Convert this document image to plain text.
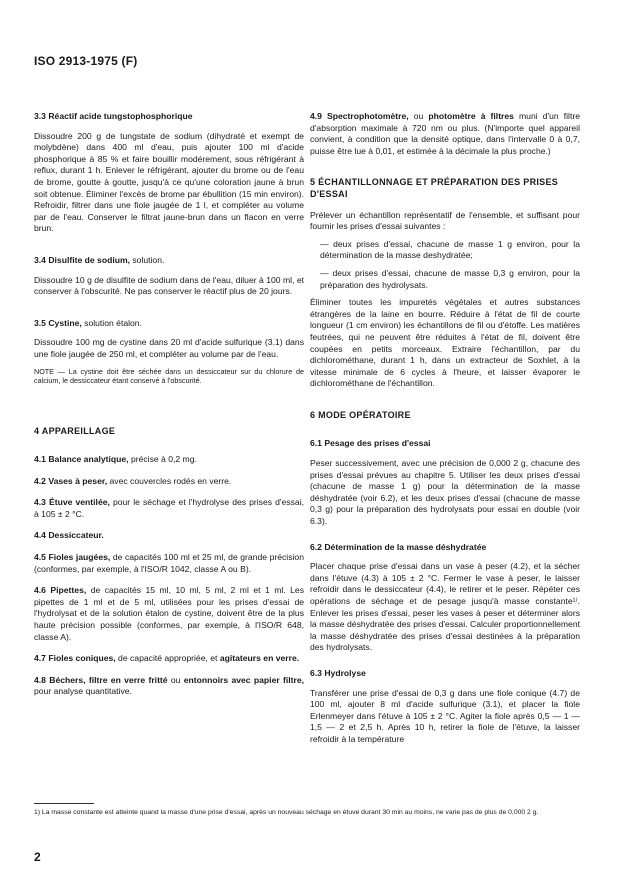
ISO 2913-1975 (F)
3.3 Réactif acide tungstophosphorique

Dissoudre 200 g de tungstate de sodium (dihydraté et exempt de molybdène) dans 400 ml d'eau, puis ajouter 100 ml d'acide phosphorique à 85 % et faire bouillir modérement, sous réfrigérant à reflux, durant 1 h. Enlever le réfrigérant, ajouter du brome ou de l'eau de brome, goutte à goutte, jusqu'à ce qu'une coloration jaune à brun soit obtenue. Éliminer l'excès de brome par ébullition (15 min environ). Refroidir, filtrer dans une fiole jaugée de 1 l, et compléter au volume par de l'eau. Conserver le filtrat jaune-brun dans un flacon en verre brun.

3.4 Disulfite de sodium, solution.

Dissoudre 10 g de disulfite de sodium dans de l'eau, diluer à 100 ml, et conserver à l'obscurité. Ne pas conserver le réactif plus de 20 jours.

3.5 Cystine, solution étalon.

Dissoudre 100 mg de cystine dans 20 ml d'acide sulfurique (3.1) dans une fiole jaugée de 250 ml, et compléter au volume par de l'eau.

NOTE — La cystine doit être séchée dans un dessiccateur sur du chlorure de calcium, le dessiccateur étant conservé à l'obscurité.
4 APPAREILLAGE
4.1 Balance analytique, précise à 0,2 mg.
4.2 Vases à peser, avec couvercles rodés en verre.
4.3 Étuve ventilée, pour le séchage et l'hydrolyse des prises d'essai, à 105 ± 2 °C.
4.4 Dessiccateur.
4.5 Fioles jaugées, de capacités 100 ml et 25 ml, de grande précision (conformes, par exemple, à l'ISO/R 1042, classe A ou B).
4.6 Pipettes, de capacités 15 ml, 10 ml, 5 ml, 2 ml et 1 ml. Les pipettes de 1 ml et de 5 ml, utilisées pour les prises d'essai de l'hydrolysat et de la solution étalon de cystine, doivent être de la plus haute précision possible (conformes, par exemple, à l'ISO/R 648, classe A).
4.7 Fioles coniques, de capacité appropriée, et agitateurs en verre.
4.8 Béchers, filtre en verre fritté ou entonnoirs avec papier filtre, pour analyse quantitative.

4.9 Spectrophotomètre, ou photomètre à filtres muni d'un filtre d'absorption maximale à 720 nm ou plus. (N'importe quel appareil convient, à condition que la densité optique, dans l'intervalle 0 à 0,7, puisse être lue à 0,01, et estimée à la décimale la plus proche.)

5 ÉCHANTILLONNAGE ET PRÉPARATION DES PRISES D'ESSAI

Prélever un échantillon représentatif de l'ensemble, et suffisant pour fournir les prises d'essai suivantes :

— deux prises d'essai, chacune de masse 1 g environ, pour la détermination de la masse deshydratée;
— deux prises d'essai, chacune de masse 0,3 g environ, pour la préparation des hydrolysats.

Éliminer toutes les impuretés végétales et autres substances étrangères de la laine en bourre. Réduire à l'état de fil de courte longueur (1 cm environ) les échantillons de fil ou d'étoffe. Les matières feutrées, qui ne peuvent être réduites à l'état de fil, doivent être coupées en petits morceaux. Extraire l'échantillon, par du dichlorométhane, durant 1 h, dans un extracteur de Soxhlet, à la vitesse minimale de 6 cycles à l'heure, et laisser évaporer le dichlorométhane de l'échantillon.

6 MODE OPÉRATOIRE
6.1 Pesage des prises d'essai

Peser successivement, avec une précision de 0,000 2 g, chacune des prises d'essai prévues au chapitre 5. Utiliser les deux prises d'essai (chacune de masse 1 g) pour la détermination de la masse déshydratée (voir 6.2), et les deux prises d'essai (chacune de masse 0,3 g) pour la préparation des hydrolysats pour essai en double (voir 6.3).

6.2 Détermination de la masse déshydratée

Placer chaque prise d'essai dans un vase à peser (4.2), et la sécher dans l'étuve (4.3) à 105 ± 2 °C. Fermer le vase à peser, le laisser refroidir dans le dessiccateur (4.4), le retirer et le peser. Répéter ces opérations de séchage et de pesage jusqu'à masse constante¹⁾. Enlever les prises d'essai, peser les vases à peser et déterminer alors la masse déshydratée des prises d'essai. Calculer proportionnellement la masse déshydratée des prises d'essai destinées à la préparation des hydrolysats.

6.3 Hydrolyse

Transférer une prise d'essai de 0,3 g dans une fiole conique (4.7) de 100 ml, ajouter 8 ml d'acide sulfurique (3.1), et placer la fiole Erlenmeyer dans l'étuve à 105 ± 2 °C. Agiter la fiole après 0,5 — 1 — 1,5 — 2 et 2,5 h. Après 10 h, retirer la fiole de l'étuve, la laisser refroidir à la température

1) La masse constante est atteinte quand la masse d'une prise d'essai, après un nouveau séchage en étuve durant 30 min au moins, ne varie pas de plus de 0,000 2 g.
2
